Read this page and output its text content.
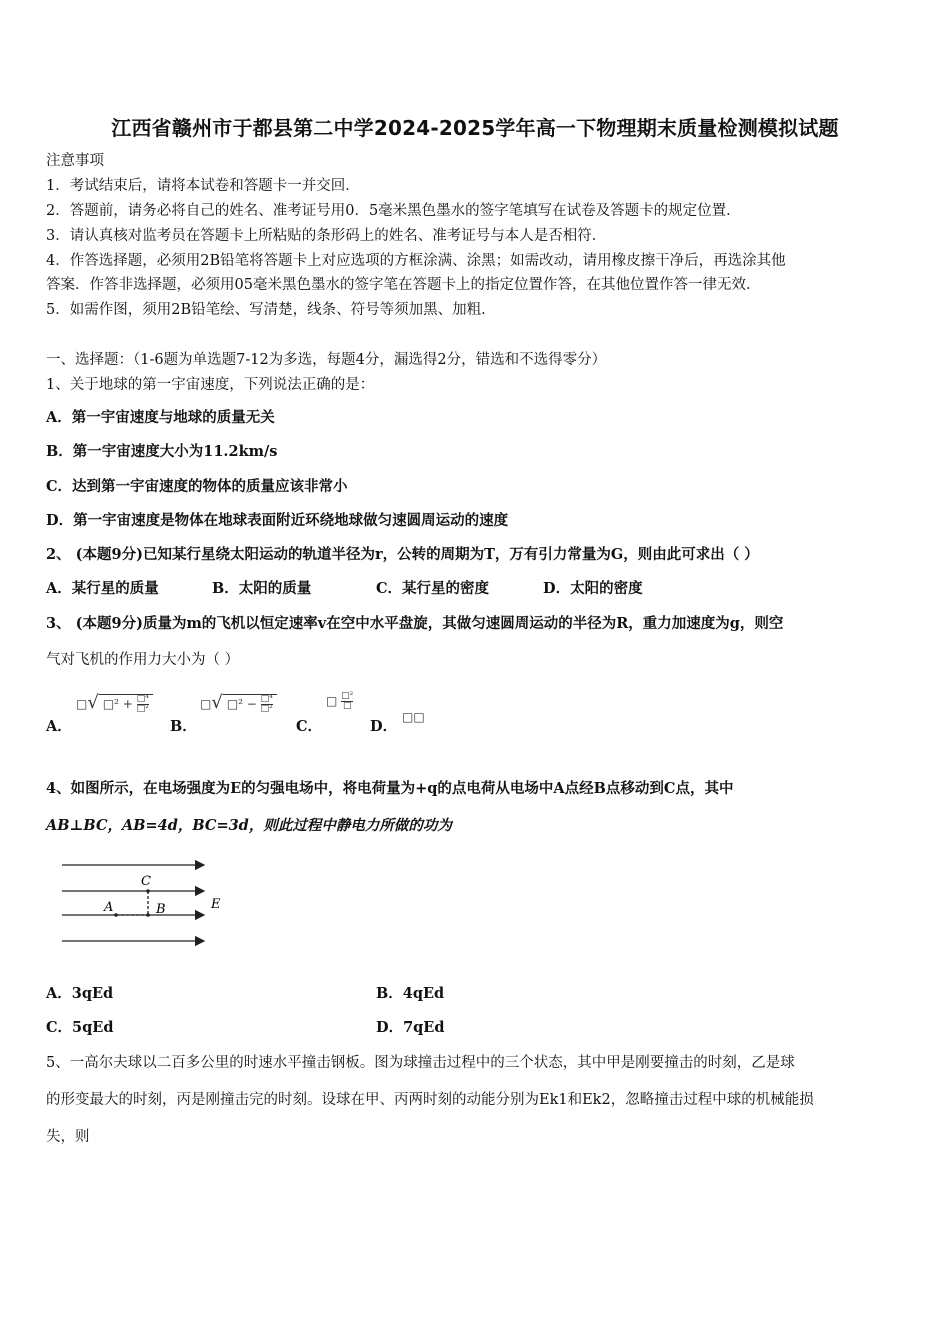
江西省赣州市于都县第二中学2024-2025学年高一下物理期末质量检测模拟试题
注意事项
1．考试结束后，请将本试卷和答题卡一并交回．
2．答题前，请务必将自己的姓名、准考证号用0．5毫米黑色墨水的签字笔填写在试卷及答题卡的规定位置．
3．请认真核对监考员在答题卡上所粘贴的条形码上的姓名、准考证号与本人是否相符．
4．作答选择题，必须用2B铅笔将答题卡上对应选项的方框涂满、涂黑；如需改动，请用橡皮擦干净后，再选涂其他
答案．作答非选择题，必须用05毫米黑色墨水的签字笔在答题卡上的指定位置作答，在其他位置作答一律无效．
5．如需作图，须用2B铅笔绘、写清楚，线条、符号等须加黑、加粗．
一、选择题：（1-6题为单选题7-12为多选，每题4分，漏选得2分，错选和不选得零分）
1、关于地球的第一宇宙速度，下列说法正确的是：
A．第一宇宙速度与地球的质量无关
B．第一宇宙速度大小为11.2km/s
C．达到第一宇宙速度的物体的质量应该非常小
D．第一宇宙速度是物体在地球表面附近环绕地球做匀速圆周运动的速度
2、 (本题9分)已知某行星绕太阳运动的轨道半径为r，公转的周期为T，万有引力常量为G，则由此可求出（ ）
A．某行星的质量	B．太阳的质量	C．某行星的密度	D．太阳的密度
3、 (本题9分)质量为m的飞机以恒定速率v在空中水平盘旋，其做匀速圆周运动的半径为R，重力加速度为g，则空
气对飞机的作用力大小为（ ）
A．
□√ □² + $\frac{\text{□⁴}}{\text{□²}}$
B．
□√ □² − $\frac{\text{□⁴}}{\text{□²}}$
C．
□ $\frac{\text{□²}}{□}$
D．
□□
4、如图所示，在电场强度为E的匀强电场中，将电荷量为+q的点电荷从电场中A点经B点移动到C点，其中
AB⊥BC，AB=4d，BC=3d，则此过程中静电力所做的功为
C
A	B	E
A．3qEd	B．4qEd
C．5qEd	D．7qEd
5、一高尔夫球以二百多公里的时速水平撞击钢板。图为球撞击过程中的三个状态，其中甲是刚要撞击的时刻，乙是球
的形变最大的时刻，丙是刚撞击完的时刻。设球在甲、丙两时刻的动能分别为Ek1和Ek2，忽略撞击过程中球的机械能损
失，则
